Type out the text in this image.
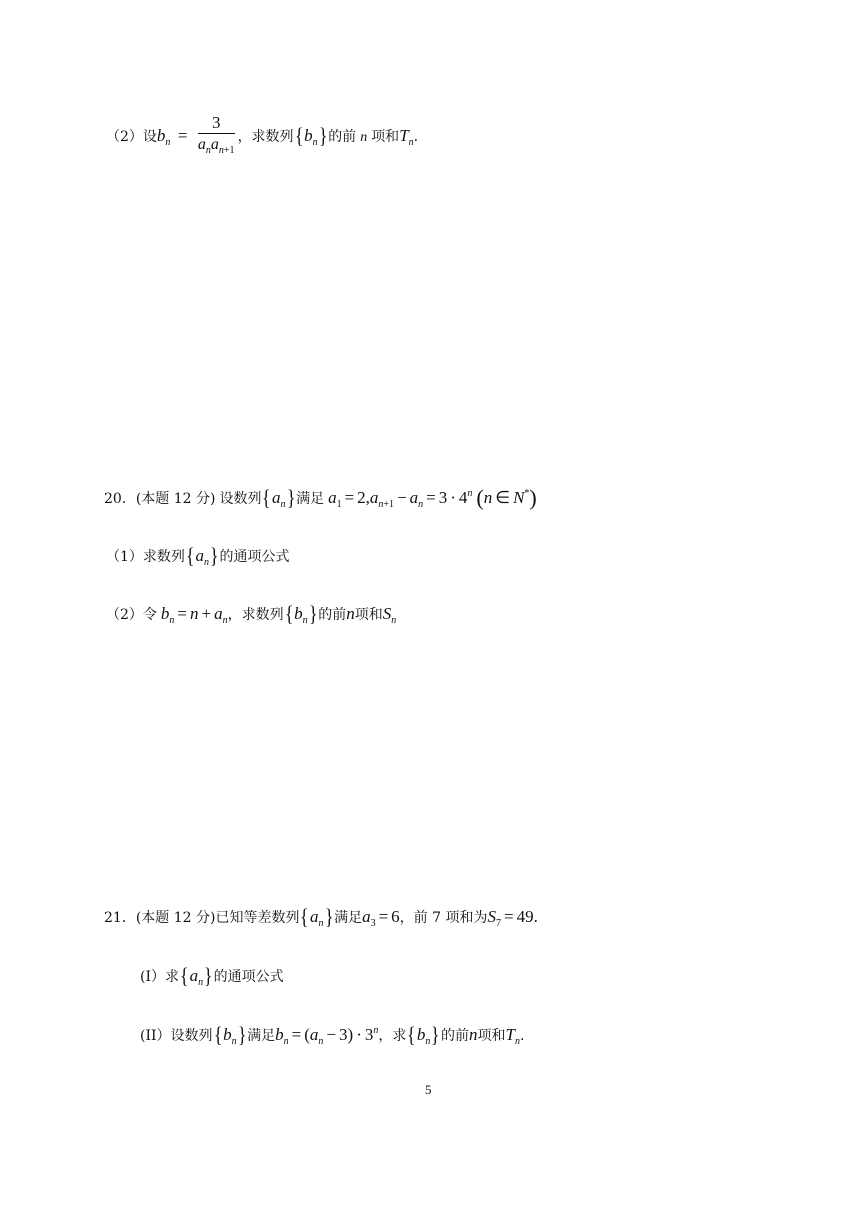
（2）设$b_n = \frac{3}{a_na_{n+1}}$ ，求数列$\{b_n\}$的前 n 项和$T_n$.
20．(本题 12 分) 设数列$\{a_n\}$满足 $a_1 = 2,a_{n+1} - a_n = 3 \cdot 4^n$ (n ∈ N*)
（1）求数列$\{a_n\}$的通项公式
（2）令 $b_n = n + a_n$，求数列$\{b_n\}$的前n项和$S_n$
21．(本题 12 分)已知等差数列$\{a_n\}$满足$a_3 = 6$，前 7 项和为$S_7 = 49$.
(I）求$\{a_n\}$的通项公式
(II）设数列$\{b_n\}$满足$b_n = (a_n - 3) \cdot 3^n$，求$\{b_n\}$的前n项和$T_n$.
5
